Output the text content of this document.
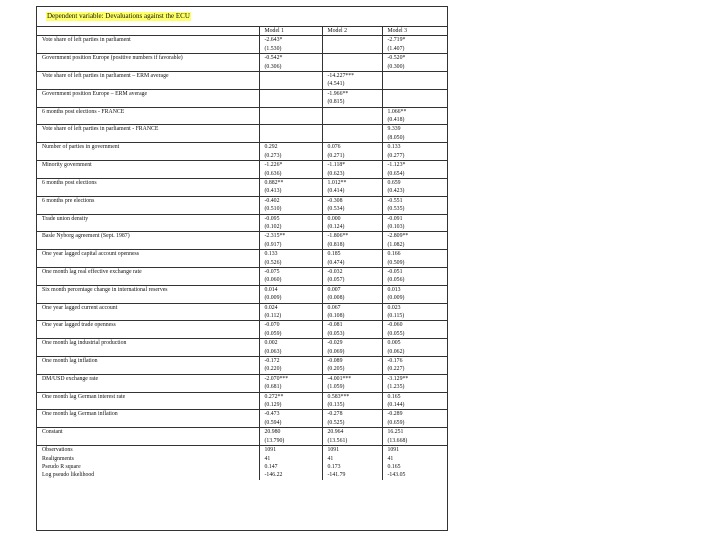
Dependent variable: Devaluations against the ECU
	Model 1	Model 2	Model 3
Vote share of left parties in parliament	-2.643*		-2.719*
	(1.530)		(1.407)
Government position Europe (positive numbers if favorable)	-0.542*		-0.520*
	(0.306)		(0.300)
Vote share of left parties in parliament – ERM average		-14.227***	
		(4.541)	
Government position Europe – ERM average		-1.966**	
		(0.815)	
6 months post elections - FRANCE			1.066**
			(0.418)
Vote share of left parties in parliament - FRANCE			9.339
			(8.050)
Number of parties in government	0.292	0.076	0.133
	(0.273)	(0.271)	(0.277)
Minority government	-1.226*	-1.118*	-1.123*
	(0.636)	(0.623)	(0.654)
6 months post elections	0.882**	1.012**	0.659
	(0.413)	(0.414)	(0.423)
6 months pre elections	-0.402	-0.308	-0.551
	(0.510)	(0.534)	(0.535)
Trade union density	-0.095	0.000	-0.091
	(0.102)	(0.124)	(0.103)
Basle Nyborg agreement (Sept. 1987)	-2.315**	-1.806**	-2.809**
	(0.917)	(0.818)	(1.082)
One year lagged capital account openness	0.133	0.185	0.166
	(0.526)	(0.474)	(0.509)
One month lag real effective exchange rate	-0.075	-0.032	-0.051
	(0.060)	(0.057)	(0.056)
Six month percentage change in international reserves	0.014	0.007	0.013
	(0.009)	(0.008)	(0.009)
One year lagged current account	0.024	0.067	0.023
	(0.112)	(0.108)	(0.115)
One year lagged trade openness	-0.070	-0.081	-0.060
	(0.059)	(0.053)	(0.055)
One month lag industrial production	0.002	-0.029	0.005
	(0.063)	(0.069)	(0.062)
One month lag inflation	-0.172	-0.089	-0.176
	(0.220)	(0.205)	(0.227)
DM/USD exchange rate	-2.070***	-4.001***	-3.129**
	(0.681)	(1.059)	(1.235)
One month lag German interest rate	0.272**	0.583***	0.165
	(0.129)	(0.135)	(0.144)
One month lag German inflation	-0.473	-0.278	-0.289
	(0.594)	(0.525)	(0.659)
Constant	20.980	20.964	16.251
	(13.790)	(13.561)	(13.668)
Observations	1091	1091	1091
Realignments	41	41	41
Pseudo R square	0.147	0.173	0.165
Log pseudo likelihood	-146.22	-141.79	-143.05
